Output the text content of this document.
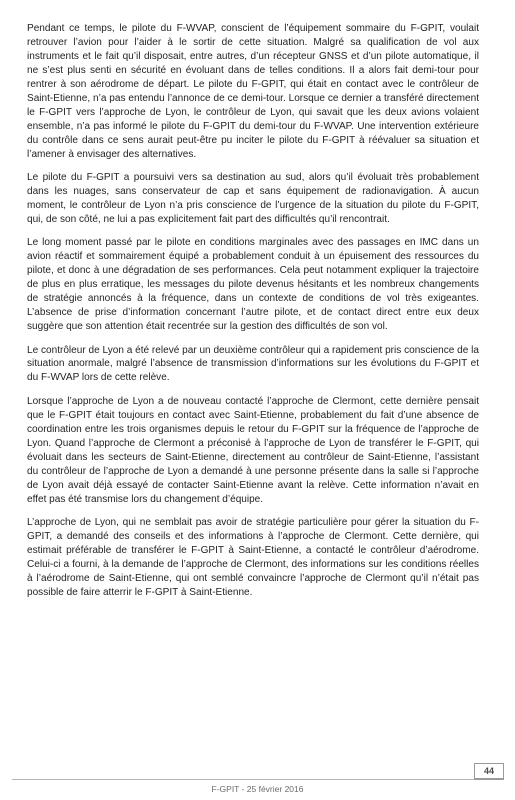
Pendant ce temps, le pilote du F-WVAP, conscient de l’équipement sommaire du F-GPIT, voulait retrouver l’avion pour l’aider à le sortir de cette situation. Malgré sa qualification de vol aux instruments et le fait qu’il disposait, entre autres, d’un récepteur GNSS et d’un pilote automatique, il ne s’est plus senti en sécurité en évoluant dans de telles conditions. Il a alors fait demi-tour pour rentrer à son aérodrome de départ. Le pilote du F-GPIT, qui était en contact avec le contrôleur de Saint-Etienne, n’a pas entendu l’annonce de ce demi-tour. Lorsque ce dernier a transféré directement le F-GPIT vers l’approche de Lyon, le contrôleur de Lyon, qui savait que les deux avions volaient ensemble, n’a pas informé le pilote du F-GPIT du demi-tour du F-WVAP. Une intervention extérieure du contrôle dans ce sens aurait peut-être pu inciter le pilote du F-GPIT à réévaluer sa situation et l’amener à envisager des alternatives.

Le pilote du F-GPIT a poursuivi vers sa destination au sud, alors qu’il évoluait très probablement dans les nuages, sans conservateur de cap et sans équipement de radionavigation. À aucun moment, le contrôleur de Lyon n’a pris conscience de l’urgence de la situation du pilote du F-GPIT, qui, de son côté, ne lui a pas explicitement fait part des difficultés qu’il rencontrait.

Le long moment passé par le pilote en conditions marginales avec des passages en IMC dans un avion réactif et sommairement équipé a probablement conduit à un épuisement des ressources du pilote, et donc à une dégradation de ses performances. Cela peut notamment expliquer la trajectoire de plus en plus erratique, les messages du pilote devenus hésitants et les nombreux changements de stratégie annoncés à la fréquence, dans un contexte de conditions de vol très exigeantes. L’absence de prise d’information concernant l’autre pilote, et de contact direct entre eux deux suggère que son attention était recentrée sur la gestion des difficultés de son vol.

Le contrôleur de Lyon a été relevé par un deuxième contrôleur qui a rapidement pris conscience de la situation anormale, malgré l’absence de transmission d’informations sur les évolutions du F-GPIT et du F-WVAP lors de cette relève.

Lorsque l’approche de Lyon a de nouveau contacté l’approche de Clermont, cette dernière pensait que le F-GPIT était toujours en contact avec Saint-Etienne, probablement du fait d’une absence de coordination entre les trois organismes depuis le retour du F-GPIT sur la fréquence de l’approche de Lyon. Quand l’approche de Clermont a préconisé à l’approche de Lyon de transférer le F-GPIT, qui évoluait dans les secteurs de Saint-Etienne, directement au contrôleur de Saint-Etienne, l’assistant du contrôleur de l’approche de Lyon a demandé à une personne présente dans la salle si l’approche de Lyon avait déjà essayé de contacter Saint-Etienne avant la relève. Cette information n’avait en effet pas été transmise lors du changement d’équipe.

L’approche de Lyon, qui ne semblait pas avoir de stratégie particulière pour gérer la situation du F-GPIT, a demandé des conseils et des informations à l’approche de Clermont. Cette dernière, qui estimait préférable de transférer le F-GPIT à Saint-Etienne, a contacté le contrôleur d’aérodrome. Celui-ci a fourni, à la demande de l’approche de Clermont, des informations sur les conditions réelles à l’aérodrome de Saint-Etienne, qui ont semblé convaincre l’approche de Clermont qu’il n’était pas possible de faire atterrir le F-GPIT à Saint-Etienne.

44
F-GPIT - 25 février 2016
